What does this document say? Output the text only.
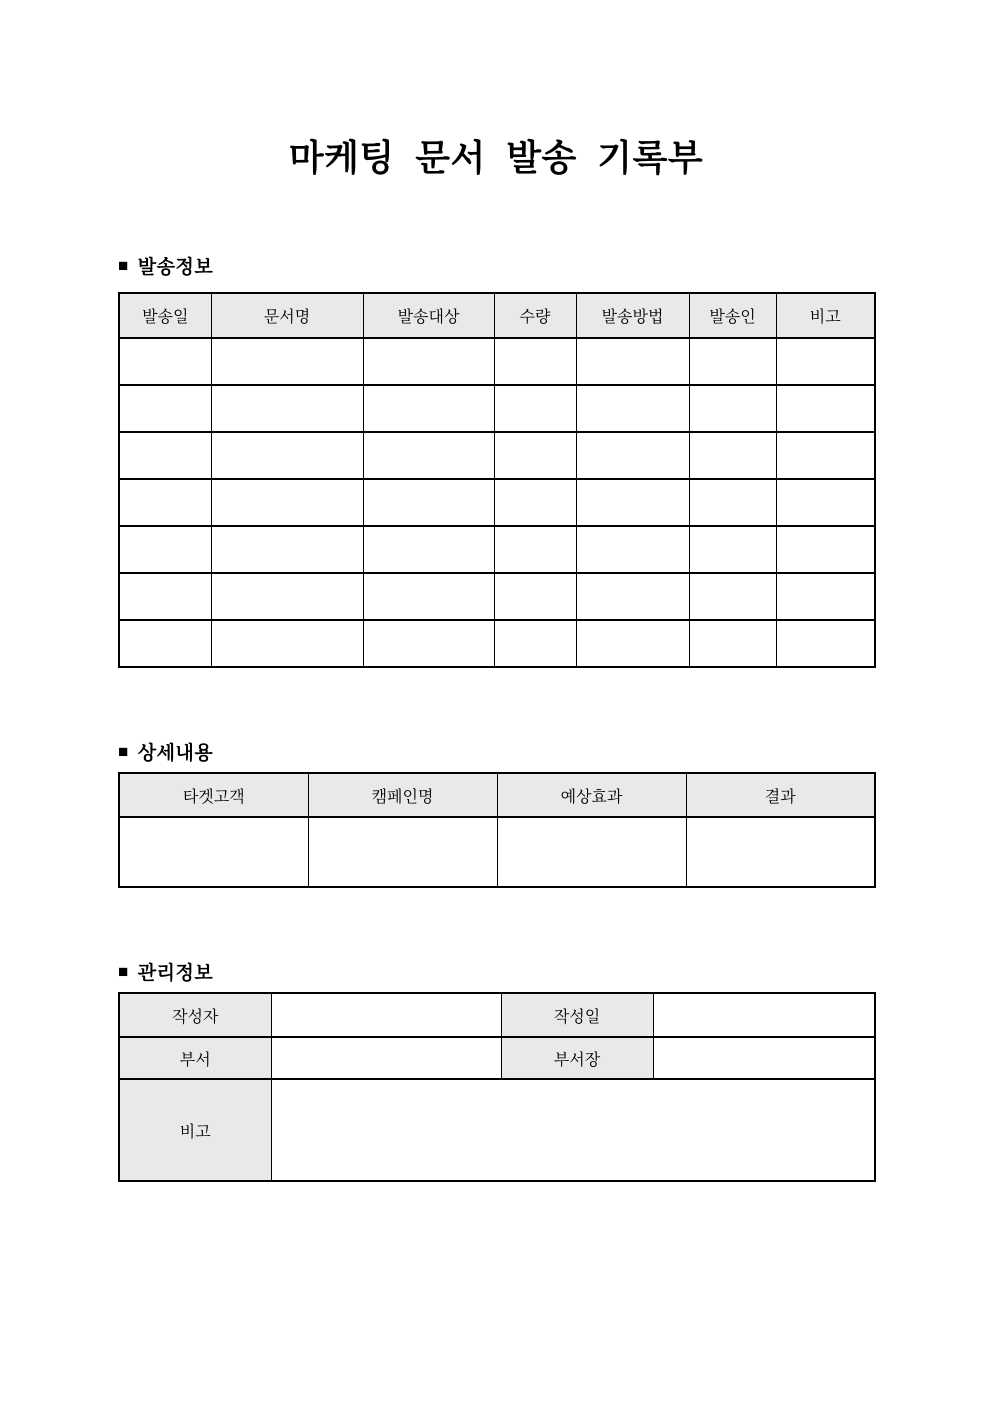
마케팅 문서 발송 기록부
■ 발송정보
발송일	문서명	발송대상	수량	발송방법	발송인	비고

■ 상세내용
타겟고객	캠페인명	예상효과	결과

■ 관리정보
작성자		작성일	
부서		부서장	
비고			
